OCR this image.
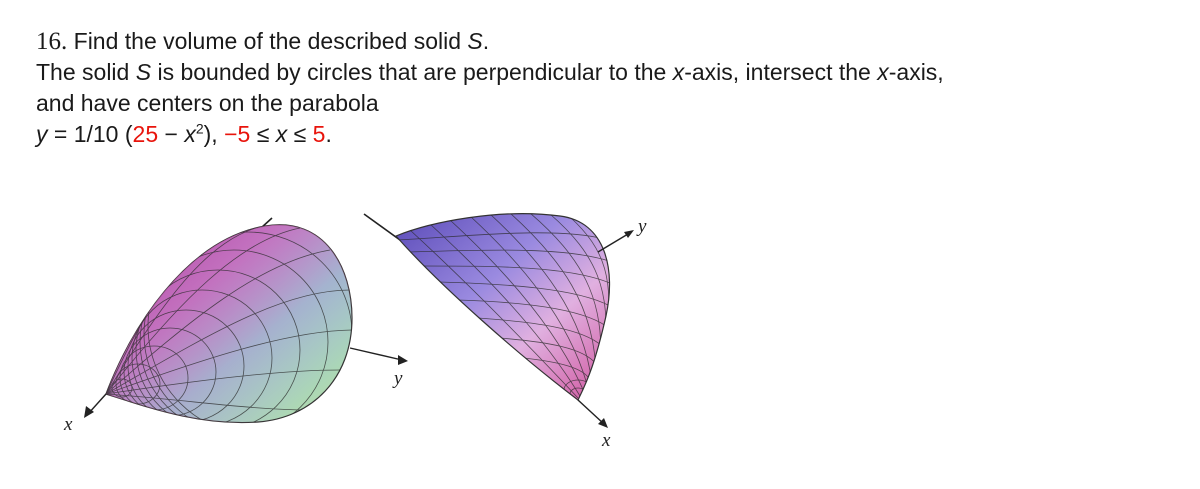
16. Find the volume of the described solid S.
The solid S is bounded by circles that are perpendicular to the x-axis, intersect the x-axis,
and have centers on the parabola
y = 1/10 $(25 - x^2)$, −5 ≤ x ≤ 5.
x
y
x
y
